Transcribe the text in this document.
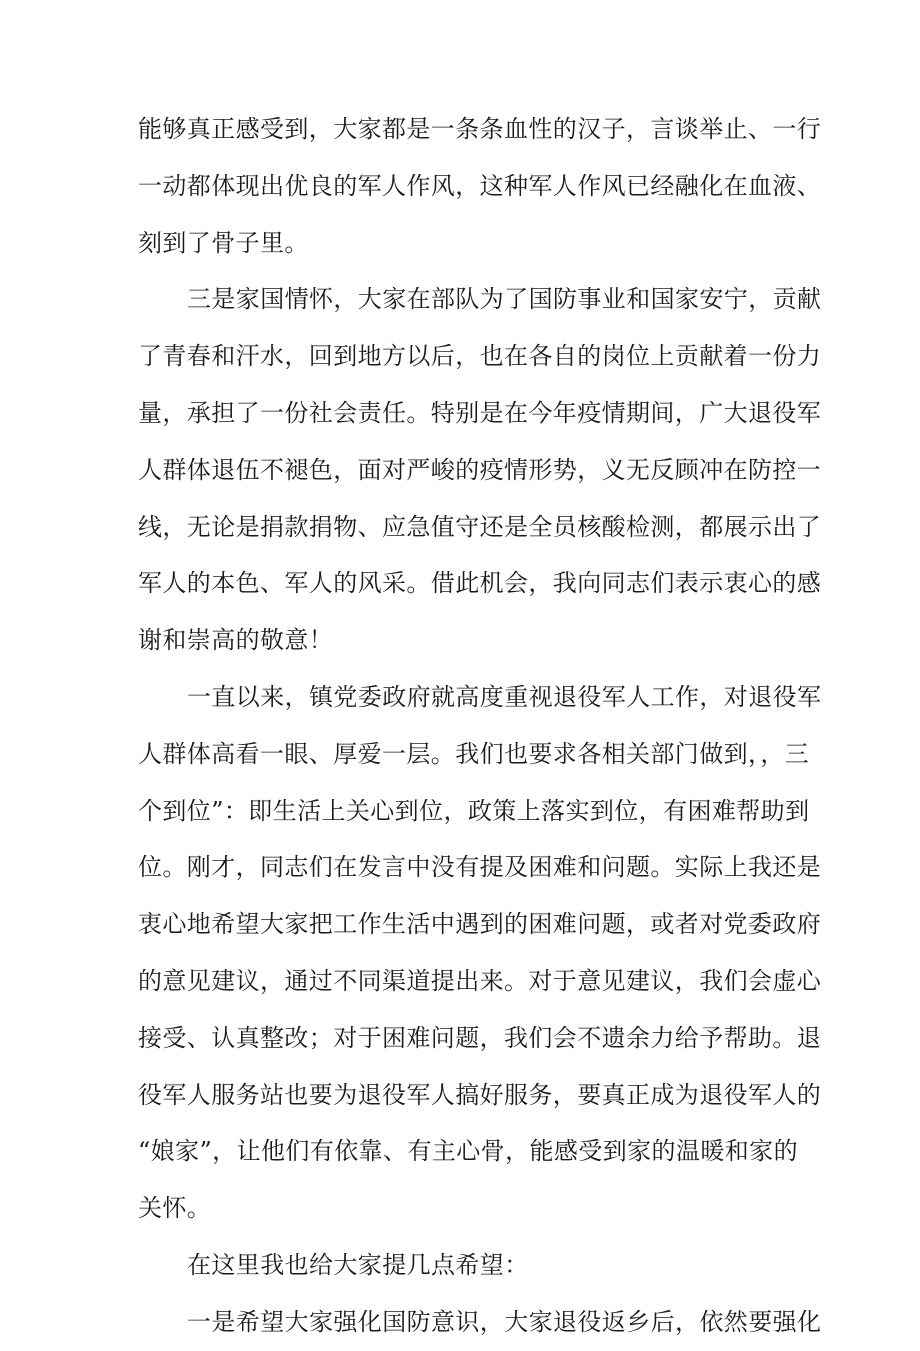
能够真正感受到，大家都是一条条血性的汉子，言谈举止、一行
一动都体现出优良的军人作风，这种军人作风已经融化在血液、
刻到了骨子里。
三是家国情怀，大家在部队为了国防事业和国家安宁，贡献
了青春和汗水，回到地方以后，也在各自的岗位上贡献着一份力
量，承担了一份社会责任。特别是在今年疫情期间，广大退役军
人群体退伍不褪色，面对严峻的疫情形势，义无反顾冲在防控一
线，无论是捐款捐物、应急值守还是全员核酸检测，都展示出了
军人的本色、军人的风采。借此机会，我向同志们表示衷心的感
谢和崇高的敬意！
一直以来，镇党委政府就高度重视退役军人工作，对退役军
人群体高看一眼、厚爱一层。我们也要求各相关部门做到，，三
个到位”：即生活上关心到位，政策上落实到位，有困难帮助到
位。刚才，同志们在发言中没有提及困难和问题。实际上我还是
衷心地希望大家把工作生活中遇到的困难问题，或者对党委政府
的意见建议，通过不同渠道提出来。对于意见建议，我们会虚心
接受、认真整改；对于困难问题，我们会不遗余力给予帮助。退
役军人服务站也要为退役军人搞好服务，要真正成为退役军人的
“娘家”，让他们有依靠、有主心骨，能感受到家的温暖和家的
关怀。
在这里我也给大家提几点希望：
一是希望大家强化国防意识，大家退役返乡后，依然要强化
